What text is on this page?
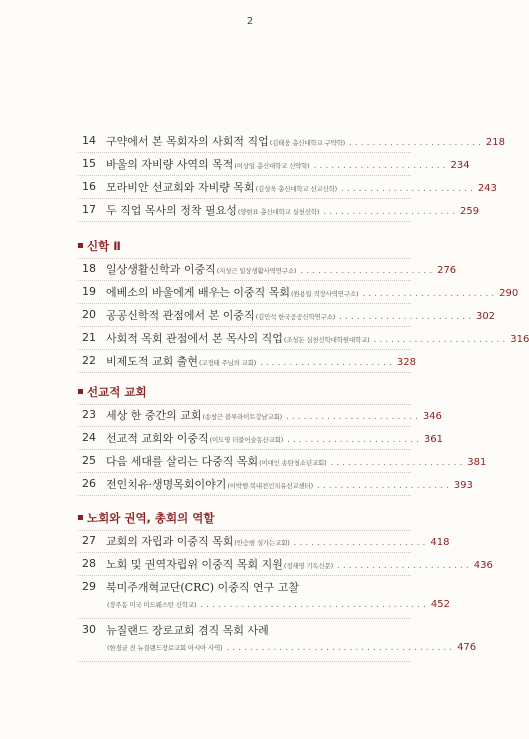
2
14 구약에서 본 목회자의 사회적 직업 (김태웅 총신대학교 구약학) ....................... 218
15 바울의 자비량 사역의 목적 (이상일 총신대학교 신약학) ....................... 234
16 모라비안 선교회와 자비량 목회 (김성욱 총신대학교 선교신학) ....................... 243
17 두 직업 목사의 정착 필요성 (양현표 총신대학교 실천신학) ....................... 259
신학 Ⅱ
18 일상생활신학과 이중직 (지성근 일상생활사역연구소) ....................... 276
19 에베소의 바울에게 배우는 이중직 목회 (원용일 직장사역연구소) ....................... 290
20 공공신학적 관점에서 본 이중직 (김민석 한국공공신학연구소) ....................... 302
21 사회적 목회 관점에서 본 목사의 직업 (조성돈 실천신학대학원대학교) ....................... 316
22 비제도적 교회 출현 (고정태 주님의 교회) ....................... 328
선교적 교회
23 세상 한 중간의 교회 (송창근 블루라이트강남교회) ....................... 346
24 선교적 교회와 이중직 (이도영 더불어숲동산교회) ....................... 361
25 다음 세대를 살리는 다중직 목회 (이대인 송탄청소년교회) ....................... 381
26 전인치유·생명목회이야기 (이박행 복내전인치유선교센터) ....................... 393
노회와 권역, 총회의 역할
27 교회의 자립과 이중직 목회 (안승범 성가는교회) ....................... 418
28 노회 및 권역자립위 이중직 목회 지원 (정재영 기독신문) ....................... 436
29 북미주개혁교단(CRC) 이중직 연구 고찰
(장주동 미국 미드웨스턴 신학교) ....................................... 452
30 뉴질랜드 장로교회 겸직 목회 사례
(한경균 전 뉴질랜드장로교회 아시아 사역) ....................................... 476
